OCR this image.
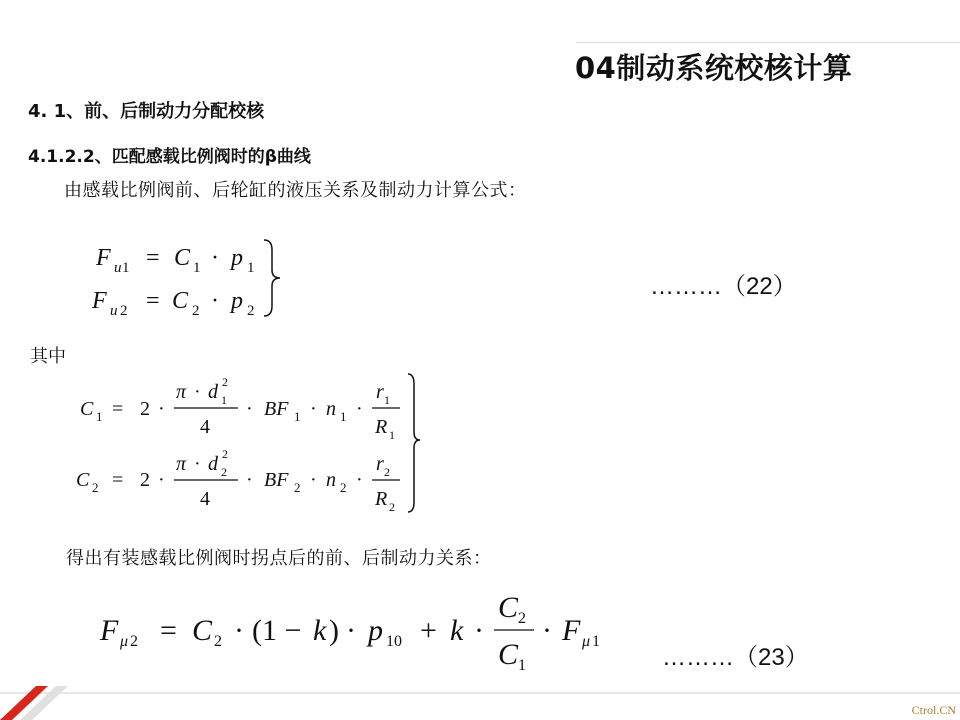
04制动系统校核计算
4. 1、前、后制动力分配校核
4.1.2.2、匹配感载比例阀时的β曲线
由感载比例阀前、后轮缸的液压关系及制动力计算公式：
其中
得出有装感载比例阀时拐点后的前、后制动力关系：
………（22）
………（23）
F u 1 = C 1 · p 1
F u 2 = C 2 · p 2
C 1 = 2 ·
π · d 1
2
4
· BF 1 · n 1 ·
r 1
R 1
C 2 = 2 ·
π · d 2
2
4
· BF 2 · n 2 ·
r 2
R 2
F μ 2 = C 2 · (1 − k ) · p 10 + k ·
C 2
C 1
· F μ 1
Ctrol.CN
